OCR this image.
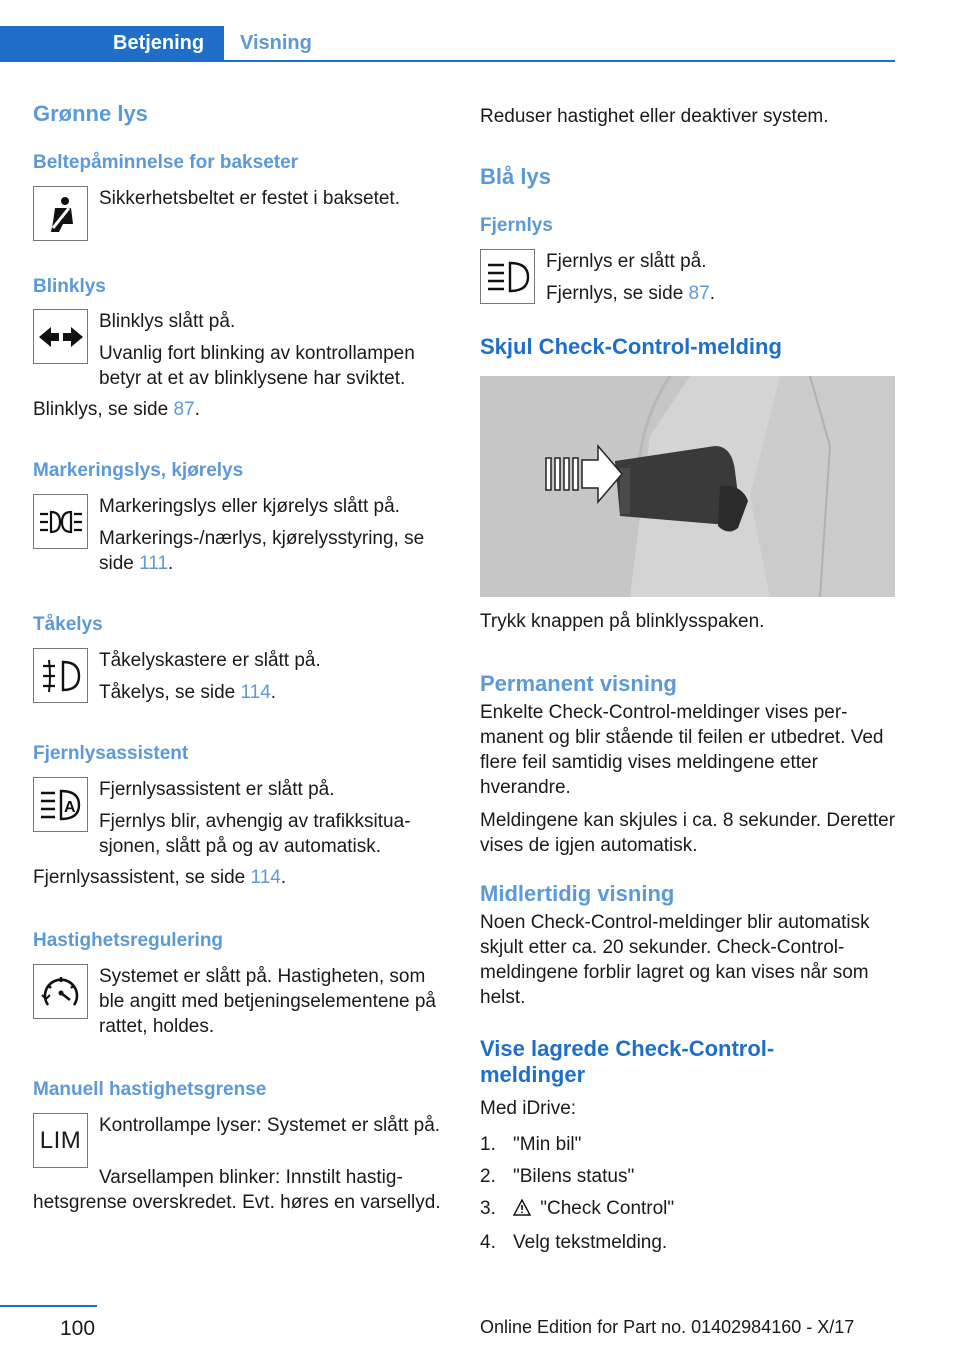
Betjening	Visning
Grønne lys
Beltepåminnelse for bakseter

Sikkerhetsbeltet er festet i baksetet.

Blinklys

Blinklys slått på.

Uvanlig fort blinking av kontrollampen betyr at et av blinklysene har sviktet.

Blinklys, se side 87.

Markeringslys, kjørelys

Markeringslys eller kjørelys slått på.

Markerings-/nærlys, kjørelysstyring, se side 111.

Tåkelys

Tåkelyskastere er slått på.

Tåkelys, se side 114.

Fjernlysassistent
A

Fjernlysassistent er slått på.

Fjernlys blir, avhengig av trafikksituasjonen, slått på og av automatisk.

Fjernlysassistent, se side 114.

Hastighetsregulering

Systemet er slått på. Hastigheten, som ble angitt med betjeningselementene på rattet, holdes.

Manuell hastighetsgrense
LIM

Kontrollampe lyser: Systemet er slått på.

Varsellampen blinker: Innstilt hastighetsgrense overskredet. Evt. høres en varsellyd.

Reduser hastighet eller deaktiver system.

Blå lys
Fjernlys

Fjernlys er slått på.

Fjernlys, se side 87.

Skjul Check-Control-melding

Trykk knappen på blinklysspaken.

Permanent visning

Enkelte Check-Control-meldinger vises permanent og blir stående til feilen er utbedret. Ved flere feil samtidig vises meldingene etter hverandre.

Meldingene kan skjules i ca. 8 sekunder. Deretter vises de igjen automatisk.

Midlertidig visning

Noen Check-Control-meldinger blir automatisk skjult etter ca. 20 sekunder. Check-Control-meldingene forblir lagret og kan vises når som helst.

Vise lagrede Check-Control-meldinger

Med iDrive:

1. "Min bil"
2. "Bilens status"
3. "Check Control"
4. Velg tekstmelding.
100	Online Edition for Part no. 01402984160 - X/17
